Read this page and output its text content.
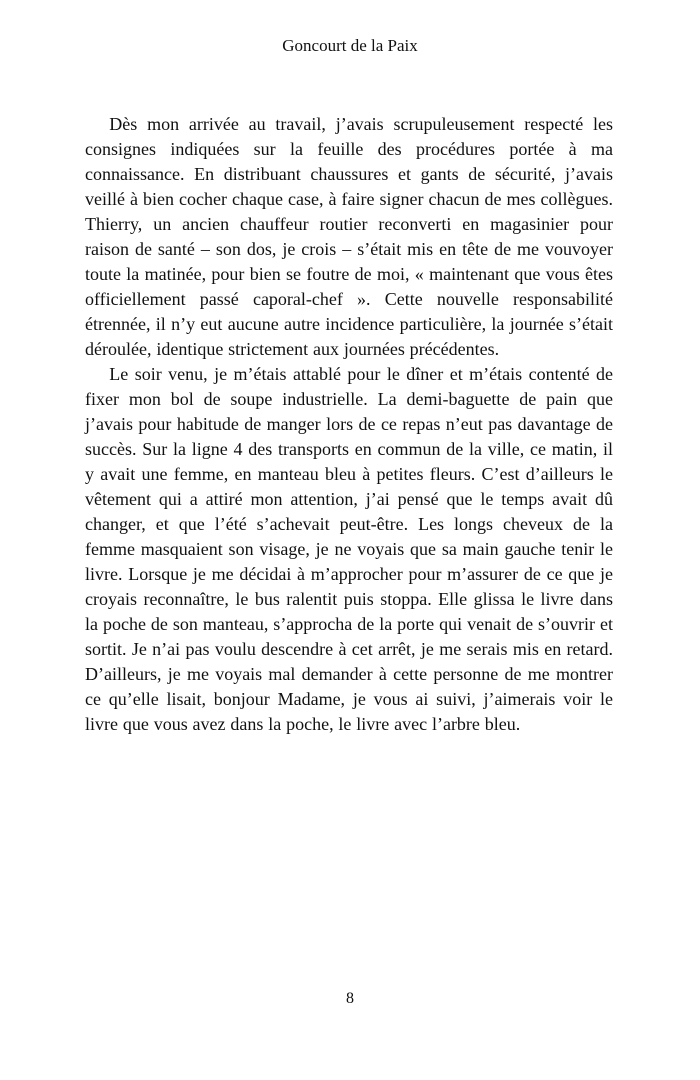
Goncourt de la Paix

Dès mon arrivée au travail, j’avais scrupuleusement respecté les consignes indiquées sur la feuille des procédures portée à ma connaissance. En distribuant chaussures et gants de sécurité, j’avais veillé à bien cocher chaque case, à faire signer chacun de mes collègues. Thierry, un ancien chauffeur routier reconverti en magasinier pour raison de santé – son dos, je crois – s’était mis en tête de me vouvoyer toute la matinée, pour bien se foutre de moi, « maintenant que vous êtes officiellement passé caporal-chef ». Cette nouvelle responsabilité étrennée, il n’y eut aucune autre incidence particulière, la journée s’était déroulée, identique strictement aux journées précédentes.

Le soir venu, je m’étais attablé pour le dîner et m’étais contenté de fixer mon bol de soupe industrielle. La demi-baguette de pain que j’avais pour habitude de manger lors de ce repas n’eut pas davantage de succès. Sur la ligne 4 des transports en commun de la ville, ce matin, il y avait une femme, en manteau bleu à petites fleurs. C’est d’ailleurs le vêtement qui a attiré mon attention, j’ai pensé que le temps avait dû changer, et que l’été s’achevait peut-être. Les longs cheveux de la femme masquaient son visage, je ne voyais que sa main gauche tenir le livre. Lorsque je me décidai à m’approcher pour m’assurer de ce que je croyais reconnaître, le bus ralentit puis stoppa. Elle glissa le livre dans la poche de son manteau, s’approcha de la porte qui venait de s’ouvrir et sortit. Je n’ai pas voulu descendre à cet arrêt, je me serais mis en retard. D’ailleurs, je me voyais mal demander à cette personne de me montrer ce qu’elle lisait, bonjour Madame, je vous ai suivi, j’aimerais voir le livre que vous avez dans la poche, le livre avec l’arbre bleu.

8
